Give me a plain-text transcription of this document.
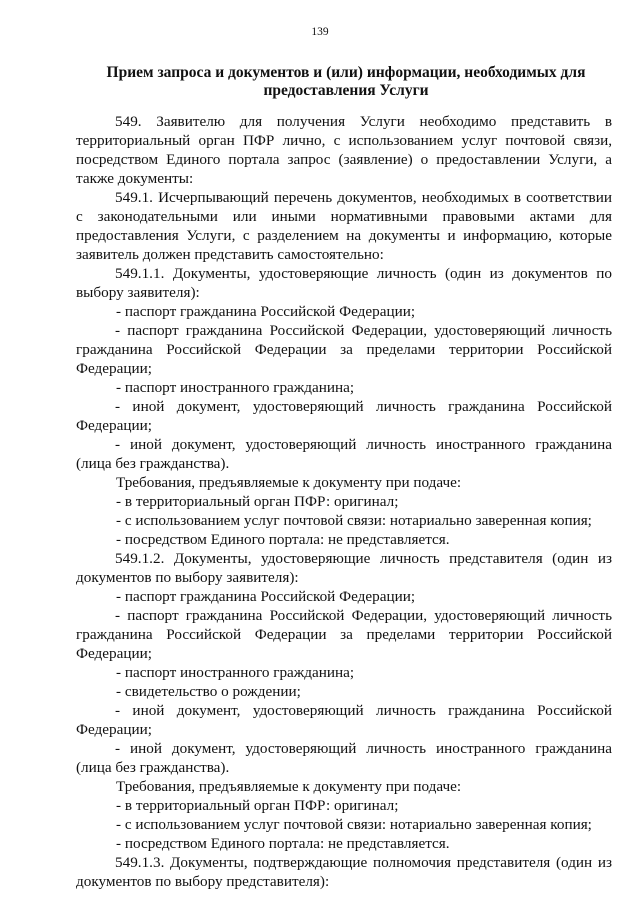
139
Прием запроса и документов и (или) информации, необходимых для предоставления Услуги

549. Заявителю для получения Услуги необходимо представить в территориальный орган ПФР лично, с использованием услуг почтовой связи, посредством Единого портала запрос (заявление) о предоставлении Услуги, а также документы:

549.1. Исчерпывающий перечень документов, необходимых в соответствии с законодательными или иными нормативными правовыми актами для предоставления Услуги, с разделением на документы и информацию, которые заявитель должен представить самостоятельно:

549.1.1. Документы, удостоверяющие личность (один из документов по выбору заявителя):

- паспорт гражданина Российской Федерации;

- паспорт гражданина Российской Федерации, удостоверяющий личность гражданина Российской Федерации за пределами территории Российской Федерации;

- паспорт иностранного гражданина;

- иной документ, удостоверяющий личность гражданина Российской Федерации;

- иной документ, удостоверяющий личность иностранного гражданина (лица без гражданства).

Требования, предъявляемые к документу при подаче:

- в территориальный орган ПФР: оригинал;

- с использованием услуг почтовой связи: нотариально заверенная копия;

- посредством Единого портала: не представляется.

549.1.2. Документы, удостоверяющие личность представителя (один из документов по выбору заявителя):

- паспорт гражданина Российской Федерации;

- паспорт гражданина Российской Федерации, удостоверяющий личность гражданина Российской Федерации за пределами территории Российской Федерации;

- паспорт иностранного гражданина;

- свидетельство о рождении;

- иной документ, удостоверяющий личность гражданина Российской Федерации;

- иной документ, удостоверяющий личность иностранного гражданина (лица без гражданства).

Требования, предъявляемые к документу при подаче:

- в территориальный орган ПФР: оригинал;

- с использованием услуг почтовой связи: нотариально заверенная копия;

- посредством Единого портала: не представляется.

549.1.3. Документы, подтверждающие полномочия представителя (один из документов по выбору представителя):
